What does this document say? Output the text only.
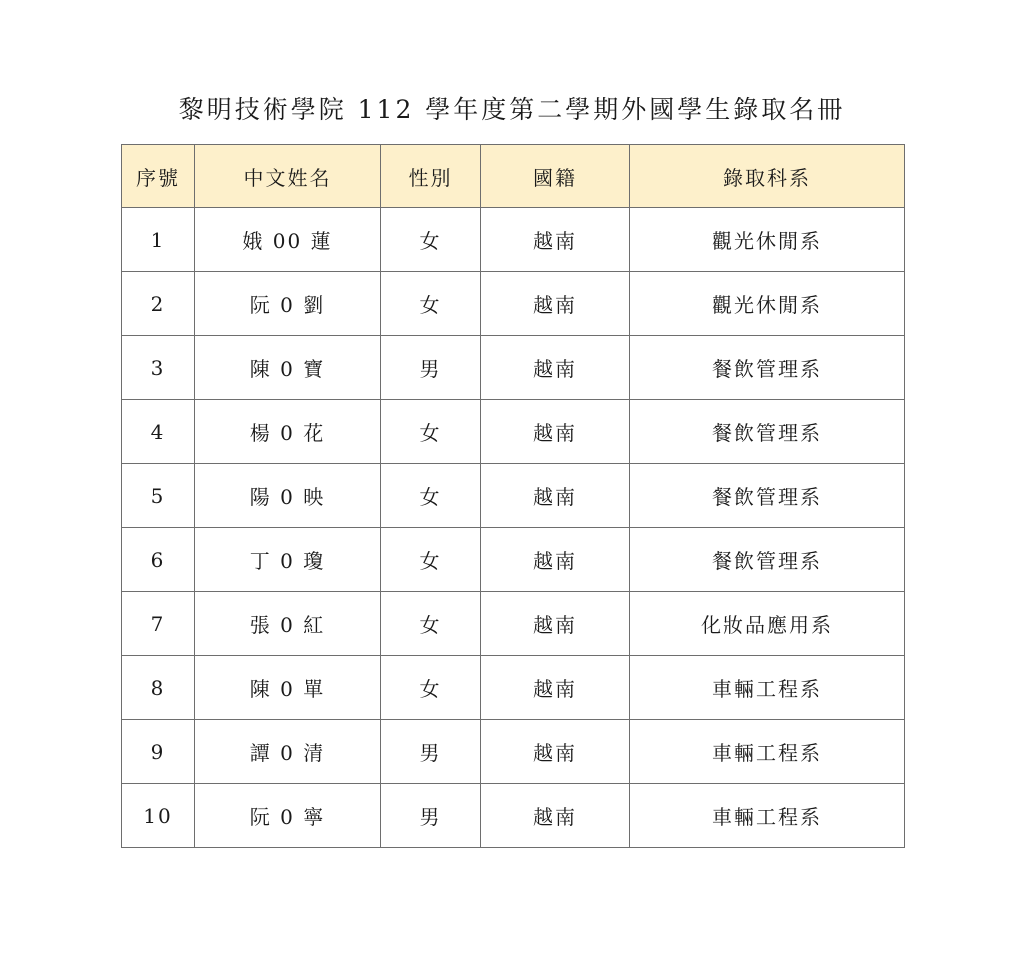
黎明技術學院 112 學年度第二學期外國學生錄取名冊
序號	中文姓名	性別	國籍	錄取科系
1	娥 00 蓮	女	越南	觀光休閒系
2	阮 0 劉	女	越南	觀光休閒系
3	陳 0 寶	男	越南	餐飲管理系
4	楊 0 花	女	越南	餐飲管理系
5	陽 0 映	女	越南	餐飲管理系
6	丁 0 瓊	女	越南	餐飲管理系
7	張 0 紅	女	越南	化妝品應用系
8	陳 0 單	女	越南	車輛工程系
9	譚 0 清	男	越南	車輛工程系
10	阮 0 寧	男	越南	車輛工程系
